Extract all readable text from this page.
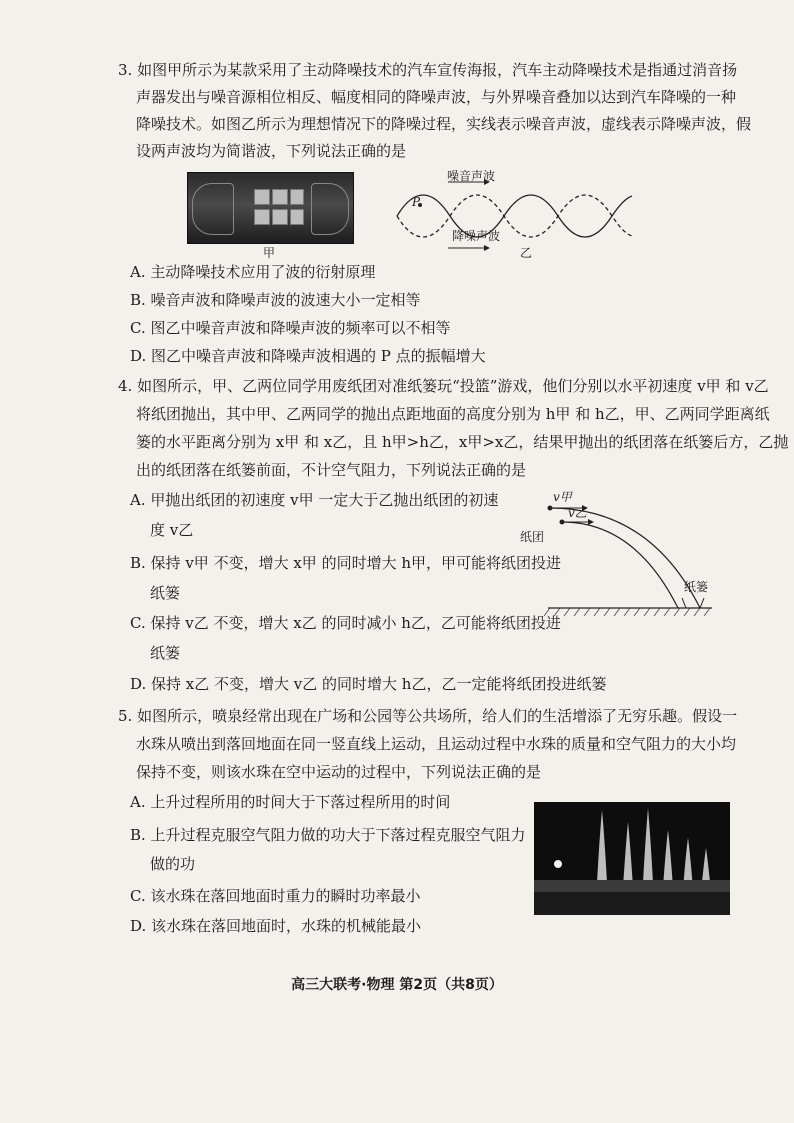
3. 如图甲所示为某款采用了主动降噪技术的汽车宣传海报，汽车主动降噪技术是指通过消音扬
声器发出与噪音源相位相反、幅度相同的降噪声波，与外界噪音叠加以达到汽车降噪的一种
降噪技术。如图乙所示为理想情况下的降噪过程，实线表示噪音声波，虚线表示降噪声波，假
设两声波均为简谐波，下列说法正确的是
甲
噪音声波
降噪声波
P
乙
A. 主动降噪技术应用了波的衍射原理
B. 噪音声波和降噪声波的波速大小一定相等
C. 图乙中噪音声波和降噪声波的频率可以不相等
D. 图乙中噪音声波和降噪声波相遇的 P 点的振幅增大
4. 如图所示，甲、乙两位同学用废纸团对准纸篓玩“投篮”游戏，他们分别以水平初速度 v甲 和 v乙
将纸团抛出，其中甲、乙两同学的抛出点距地面的高度分别为 h甲 和 h乙，甲、乙两同学距离纸
篓的水平距离分别为 x甲 和 x乙，且 h甲>h乙，x甲>x乙，结果甲抛出的纸团落在纸篓后方，乙抛
出的纸团落在纸篓前面，不计空气阻力，下列说法正确的是
A. 甲抛出纸团的初速度 v甲 一定大于乙抛出纸团的初速
度 v乙
B. 保持 v甲 不变，增大 x甲 的同时增大 h甲，甲可能将纸团投进
纸篓
C. 保持 v乙 不变，增大 x乙 的同时减小 h乙，乙可能将纸团投进
纸篓
D. 保持 x乙 不变，增大 v乙 的同时增大 h乙，乙一定能将纸团投进纸篓
v甲
v乙
纸团
纸篓
5. 如图所示，喷泉经常出现在广场和公园等公共场所，给人们的生活增添了无穷乐趣。假设一
水珠从喷出到落回地面在同一竖直线上运动，且运动过程中水珠的质量和空气阻力的大小均
保持不变，则该水珠在空中运动的过程中，下列说法正确的是
A. 上升过程所用的时间大于下落过程所用的时间
B. 上升过程克服空气阻力做的功大于下落过程克服空气阻力
做的功
C. 该水珠在落回地面时重力的瞬时功率最小
D. 该水珠在落回地面时，水珠的机械能最小
高三大联考·物理 第2页（共8页）
